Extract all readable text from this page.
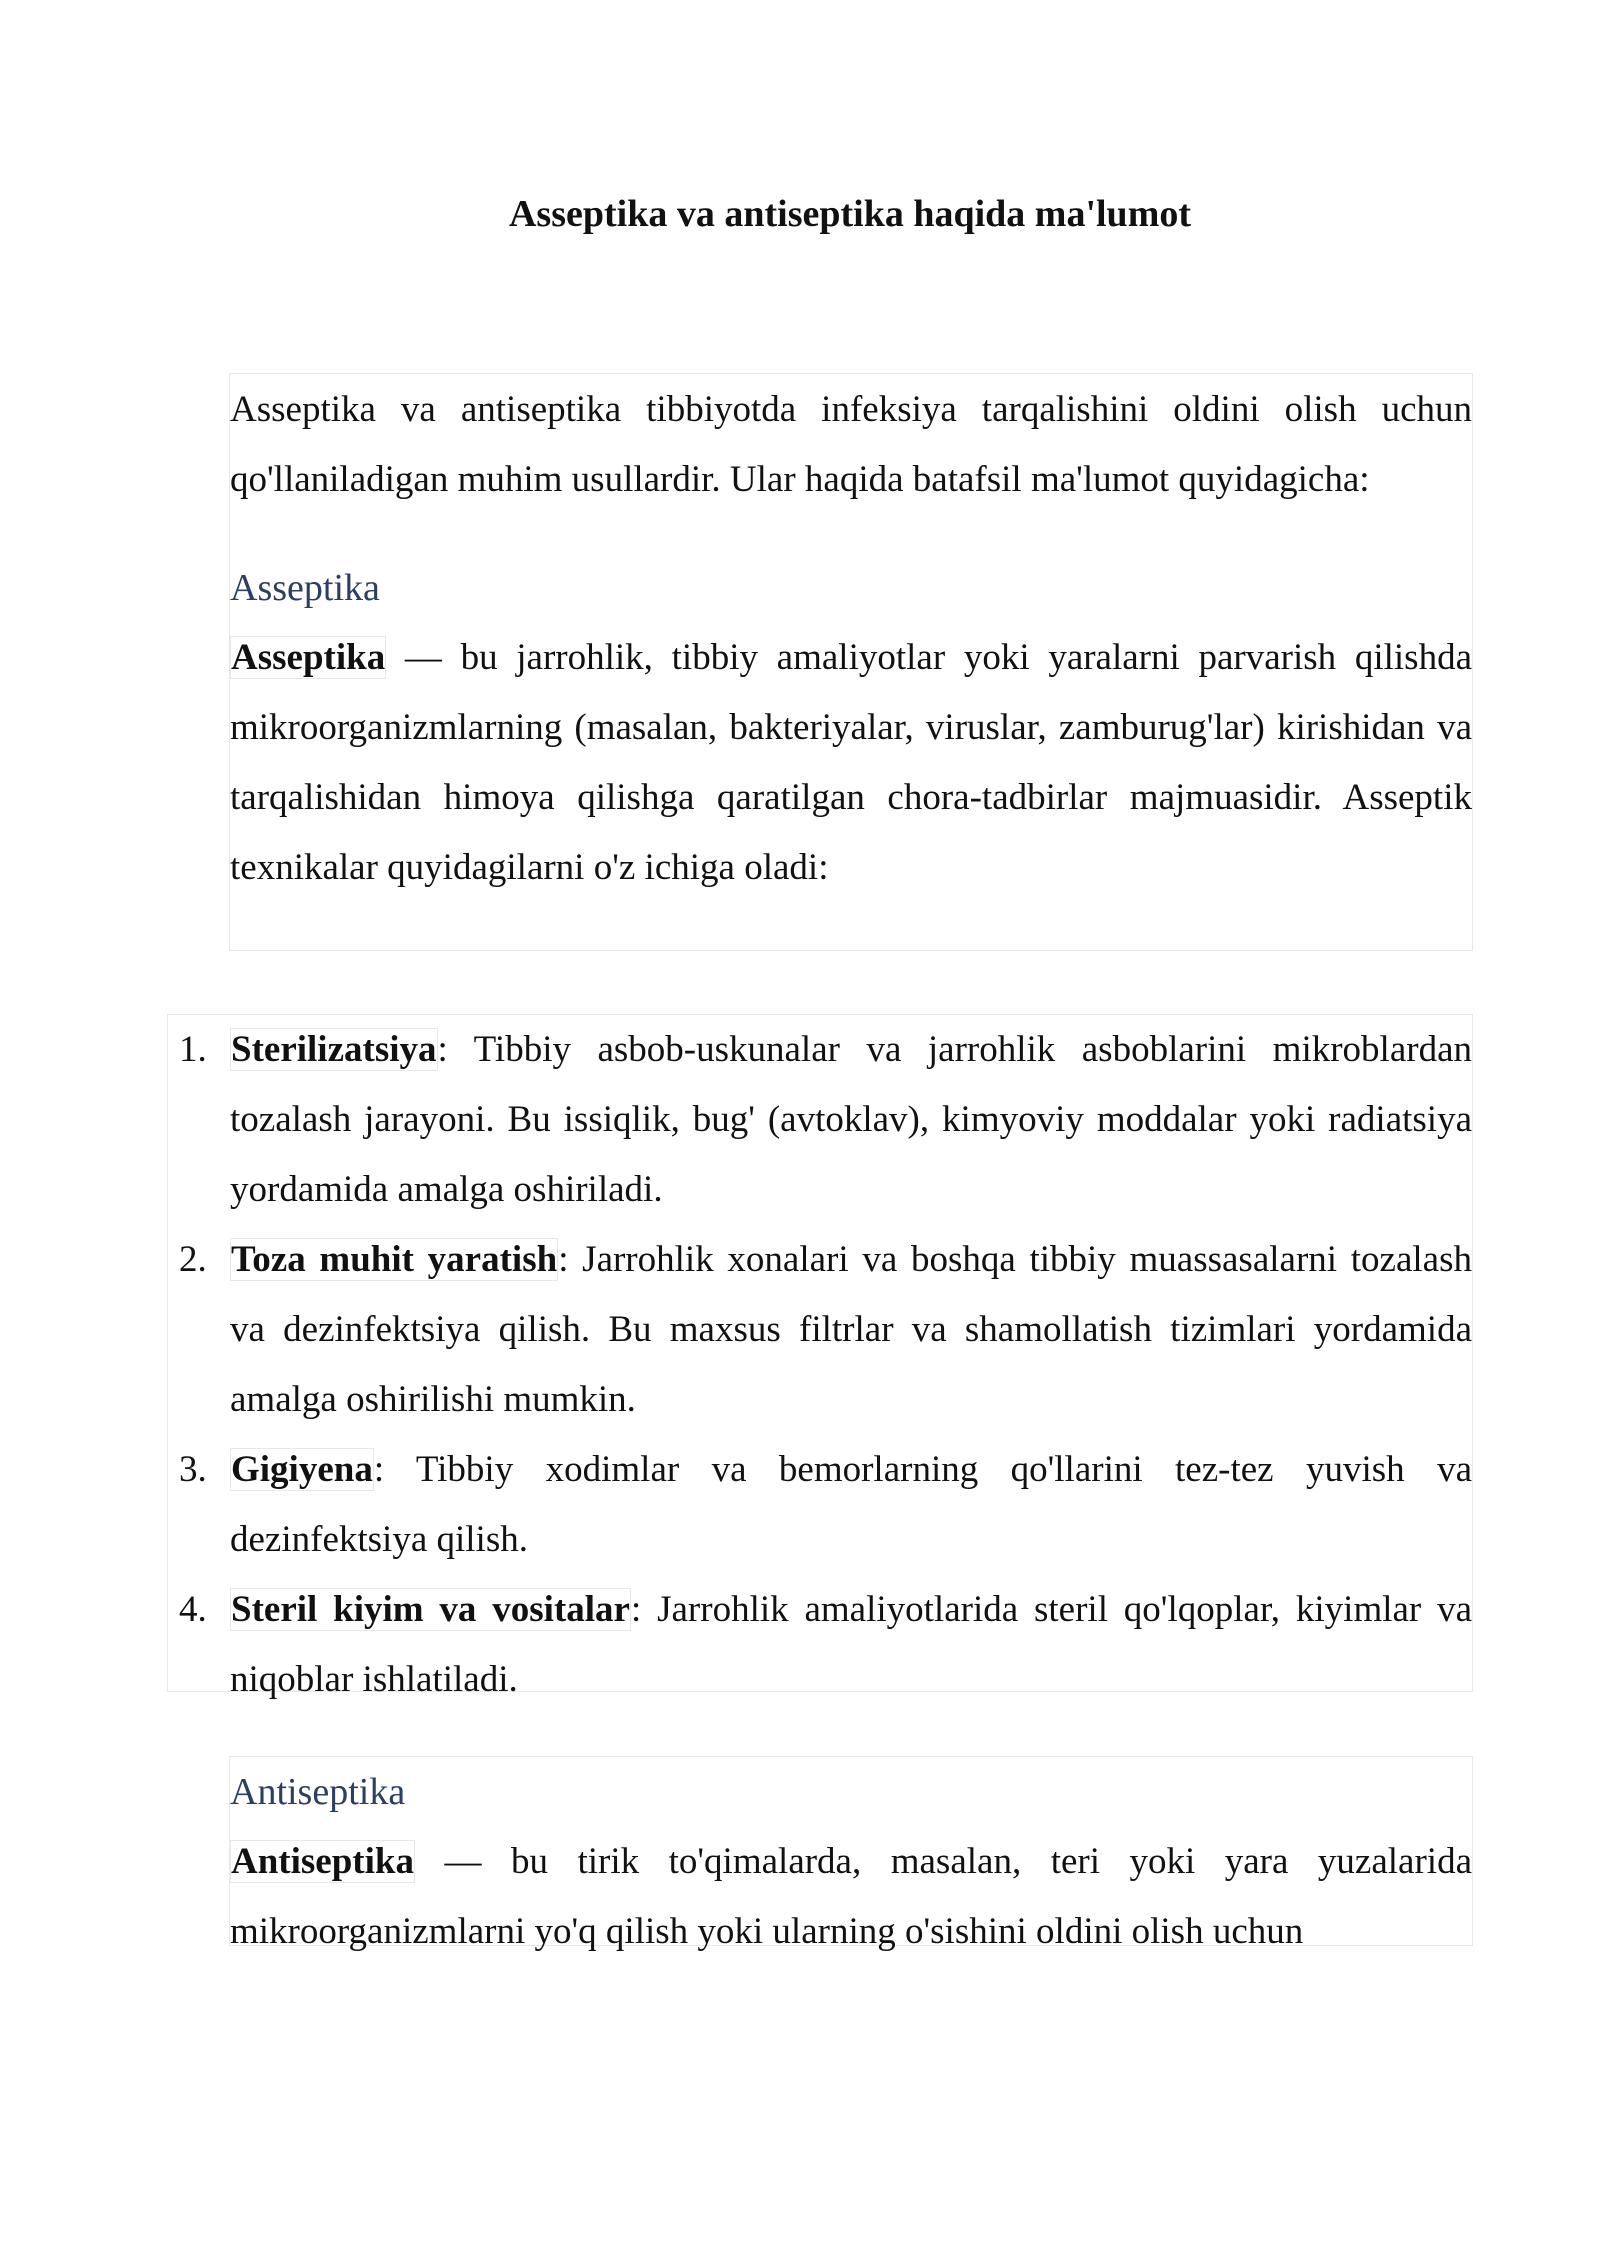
Asseptika va antiseptika haqida ma'lumot

Asseptika va antiseptika tibbiyotda infeksiya tarqalishini oldini olish uchun qo'llaniladigan muhim usullardir. Ular haqida batafsil ma'lumot quyidagicha:

Asseptika

Asseptika — bu jarrohlik, tibbiy amaliyotlar yoki yaralarni parvarish qilishda mikroorganizmlarning (masalan, bakteriyalar, viruslar, zamburug'lar) kirishidan va tarqalishidan himoya qilishga qaratilgan chora-tadbirlar majmuasidir. Asseptik texnikalar quyidagilarni o'z ichiga oladi:

1. Sterilizatsiya: Tibbiy asbob-uskunalar va jarrohlik asboblarini mikroblardan tozalash jarayoni. Bu issiqlik, bug' (avtoklav), kimyoviy moddalar yoki radiatsiya yordamida amalga oshiriladi.
2. Toza muhit yaratish: Jarrohlik xonalari va boshqa tibbiy muassasalarni tozalash va dezinfektsiya qilish. Bu maxsus filtrlar va shamollatish tizimlari yordamida amalga oshirilishi mumkin.
3. Gigiyena: Tibbiy xodimlar va bemorlarning qo'llarini tez-tez yuvish va dezinfektsiya qilish.
4. Steril kiyim va vositalar: Jarrohlik amaliyotlarida steril qo'lqoplar, kiyimlar va niqoblar ishlatiladi.
Antiseptika

Antiseptika — bu tirik to'qimalarda, masalan, teri yoki yara yuzalarida mikroorganizmlarni yo'q qilish yoki ularning o'sishini oldini olish uchun
